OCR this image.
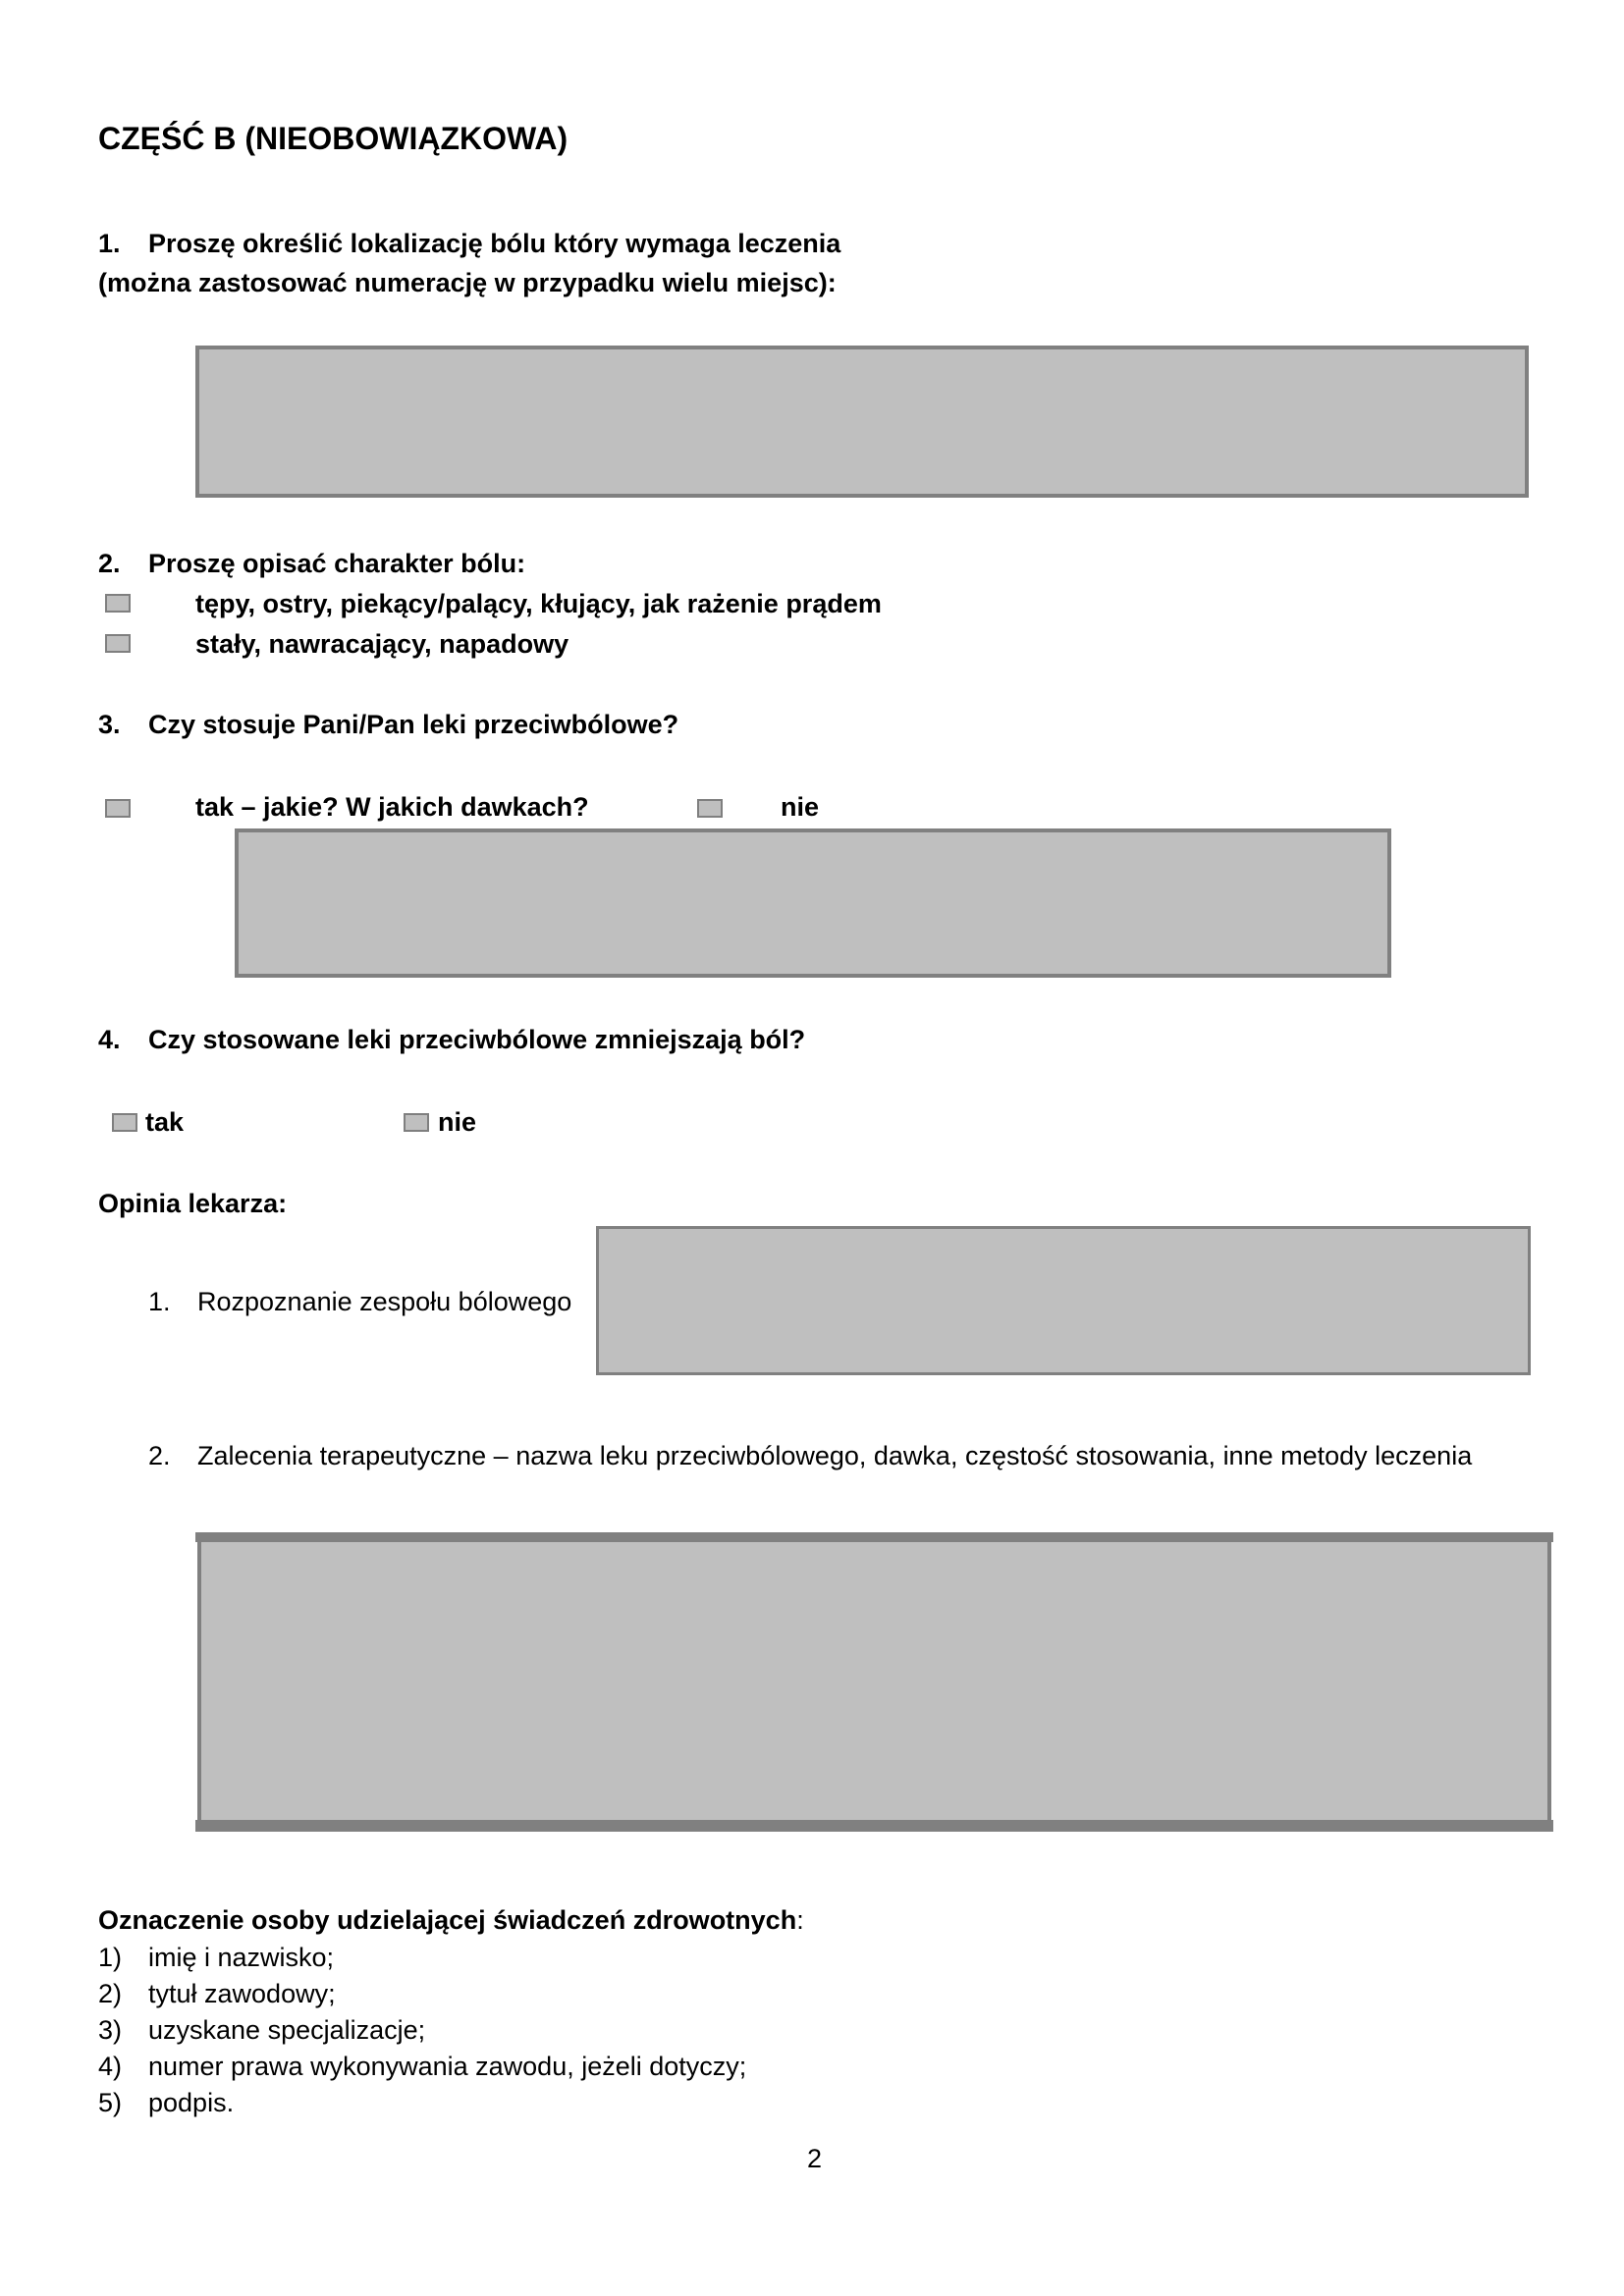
CZĘŚĆ B (NIEOBOWIĄZKOWA)
1. Proszę określić lokalizację bólu który wymaga leczenia
(można zastosować numerację w przypadku wielu miejsc):
2. Proszę opisać charakter bólu:
tępy, ostry, piekący/palący, kłujący, jak rażenie prądem
stały, nawracający, napadowy
3. Czy stosuje Pani/Pan leki przeciwbólowe?
tak – jakie? W jakich dawkach?	nie
4. Czy stosowane leki przeciwbólowe zmniejszają ból?
tak	nie
Opinia lekarza:
1. Rozpoznanie zespołu bólowego
2. Zalecenia terapeutyczne – nazwa leku przeciwbólowego, dawka, częstość stosowania, inne metody leczenia
Oznaczenie osoby udzielającej świadczeń zdrowotnych:
1) imię i nazwisko;
2) tytuł zawodowy;
3) uzyskane specjalizacje;
4) numer prawa wykonywania zawodu, jeżeli dotyczy;
5) podpis.
2
